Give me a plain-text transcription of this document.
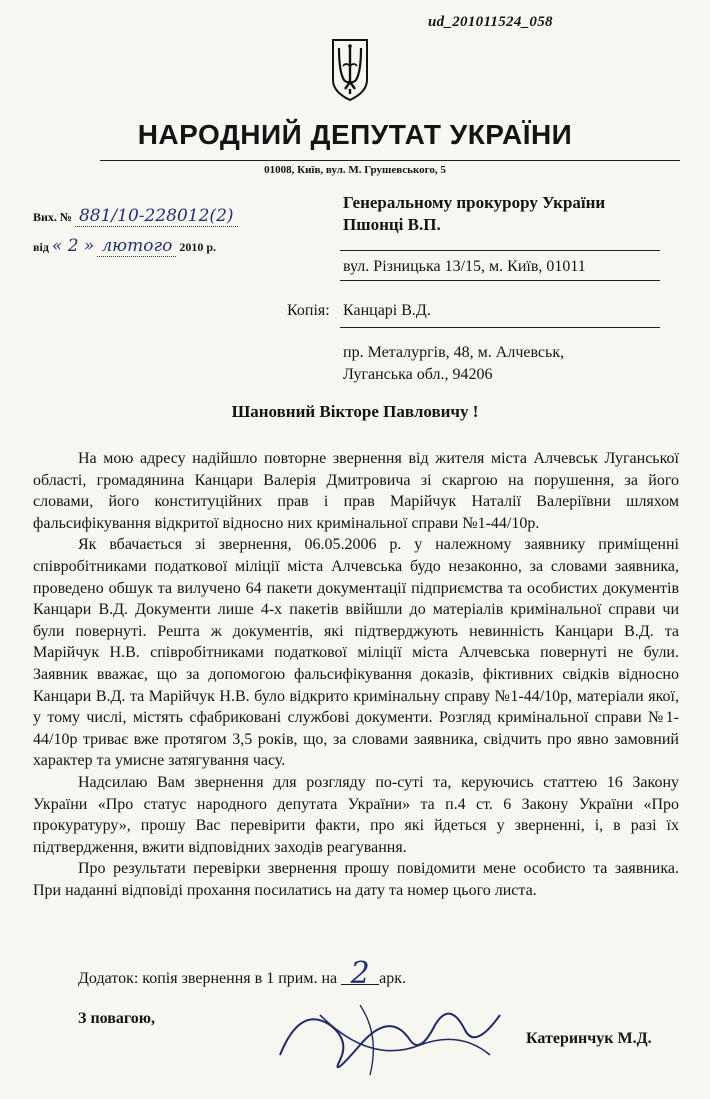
ud_201011524_058
НАРОДНИЙ ДЕПУТАТ УКРАЇНИ
01008, Київ, вул. М. Грушевського, 5
Вих. № 881/10-228012(2)
від « 2 » лютого 2010 р.
Генеральному прокурору України
Пшонці В.П.
вул. Різницька 13/15, м. Київ, 01011
Копія: Канцарі В.Д.
пр. Металургів, 48, м. Алчевськ,
Луганська обл., 94206
Шановний Вікторе Павловичу !

На мою адресу надійшло повторне звернення від жителя міста Алчевськ Луганської області, громадянина Канцари Валерія Дмитровича зі скаргою на порушення, за його словами, його конституційних прав і прав Марійчук Наталії Валеріївни шляхом фальсифікування відкритої відносно них кримінальної справи №1-44/10р.

Як вбачається зі звернення, 06.05.2006 р. у належному заявнику приміщенні співробітниками податкової міліції міста Алчевська будо незаконно, за словами заявника, проведено обшук та вилучено 64 пакети документації підприємства та особистих документів Канцари В.Д. Документи лише 4-х пакетів ввійшли до матеріалів кримінальної справи чи були повернуті. Решта ж документів, які підтверджують невинність Канцари В.Д. та Марійчук Н.В. співробітниками податкової міліції міста Алчевська повернуті не були. Заявник вважає, що за допомогою фальсифікування доказів, фіктивних свідків відносно Канцари В.Д. та Марійчук Н.В. було відкрито кримінальну справу №1-44/10р, матеріали якої, у тому числі, містять сфабриковані службові документи. Розгляд кримінальної справи №1-44/10р триває вже протягом 3,5 років, що, за словами заявника, свідчить про явно замовний характер та умисне затягування часу.

Надсилаю Вам звернення для розгляду по-суті та, керуючись статтею 16 Закону України «Про статус народного депутата України» та п.4 ст. 6 Закону України «Про прокуратуру», прошу Вас перевірити факти, про які йдеться у зверненні, і, в разі їх підтвердження, вжити відповідних заходів реагування.

Про результати перевірки звернення прошу повідомити мене особисто та заявника. При наданні відповіді прохання посилатись на дату та номер цього листа.

Додаток: копія звернення в 1 прим. на 2 арк.
З повагою,
Катеринчук М.Д.
